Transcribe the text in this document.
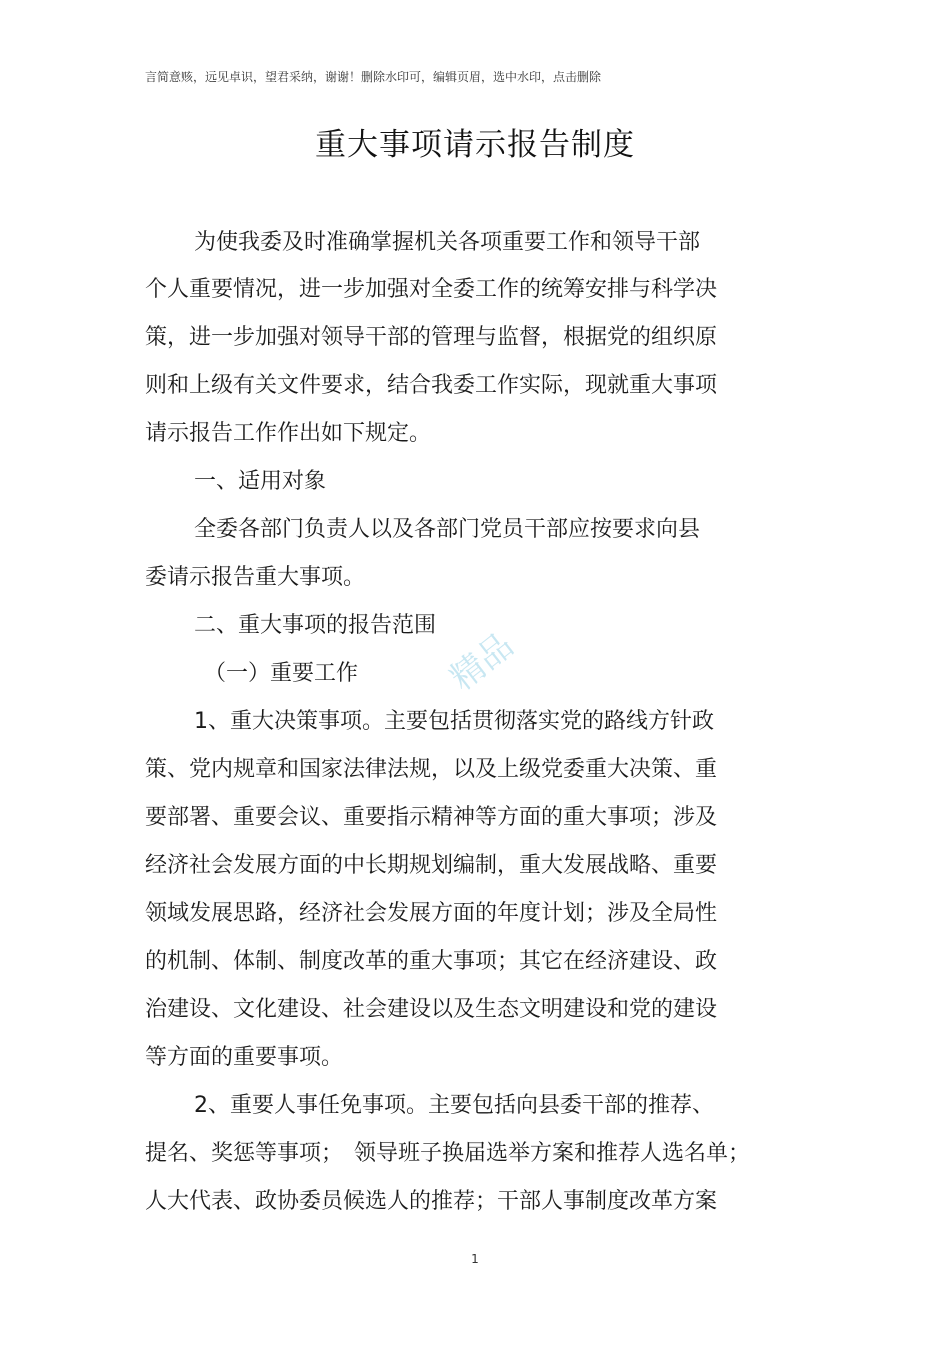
言简意赅，远见卓识，望君采纳，谢谢！删除水印可，编辑页眉，选中水印，点击删除
重大事项请示报告制度
精品
为使我委及时准确掌握机关各项重要工作和领导干部
个人重要情况，进一步加强对全委工作的统筹安排与科学决
策，进一步加强对领导干部的管理与监督，根据党的组织原
则和上级有关文件要求，结合我委工作实际，现就重大事项
请示报告工作作出如下规定。
一、适用对象
全委各部门负责人以及各部门党员干部应按要求向县
委请示报告重大事项。
二、重大事项的报告范围
（一）重要工作
1、重大决策事项。主要包括贯彻落实党的路线方针政
策、党内规章和国家法律法规，以及上级党委重大决策、重
要部署、重要会议、重要指示精神等方面的重大事项；涉及
经济社会发展方面的中长期规划编制，重大发展战略、重要
领域发展思路，经济社会发展方面的年度计划；涉及全局性
的机制、体制、制度改革的重大事项；其它在经济建设、政
治建设、文化建设、社会建设以及生态文明建设和党的建设
等方面的重要事项。
2、重要人事任免事项。主要包括向县委干部的推荐、
提名、奖惩等事项；　领导班子换届选举方案和推荐人选名单；
人大代表、政协委员候选人的推荐；干部人事制度改革方案
1
